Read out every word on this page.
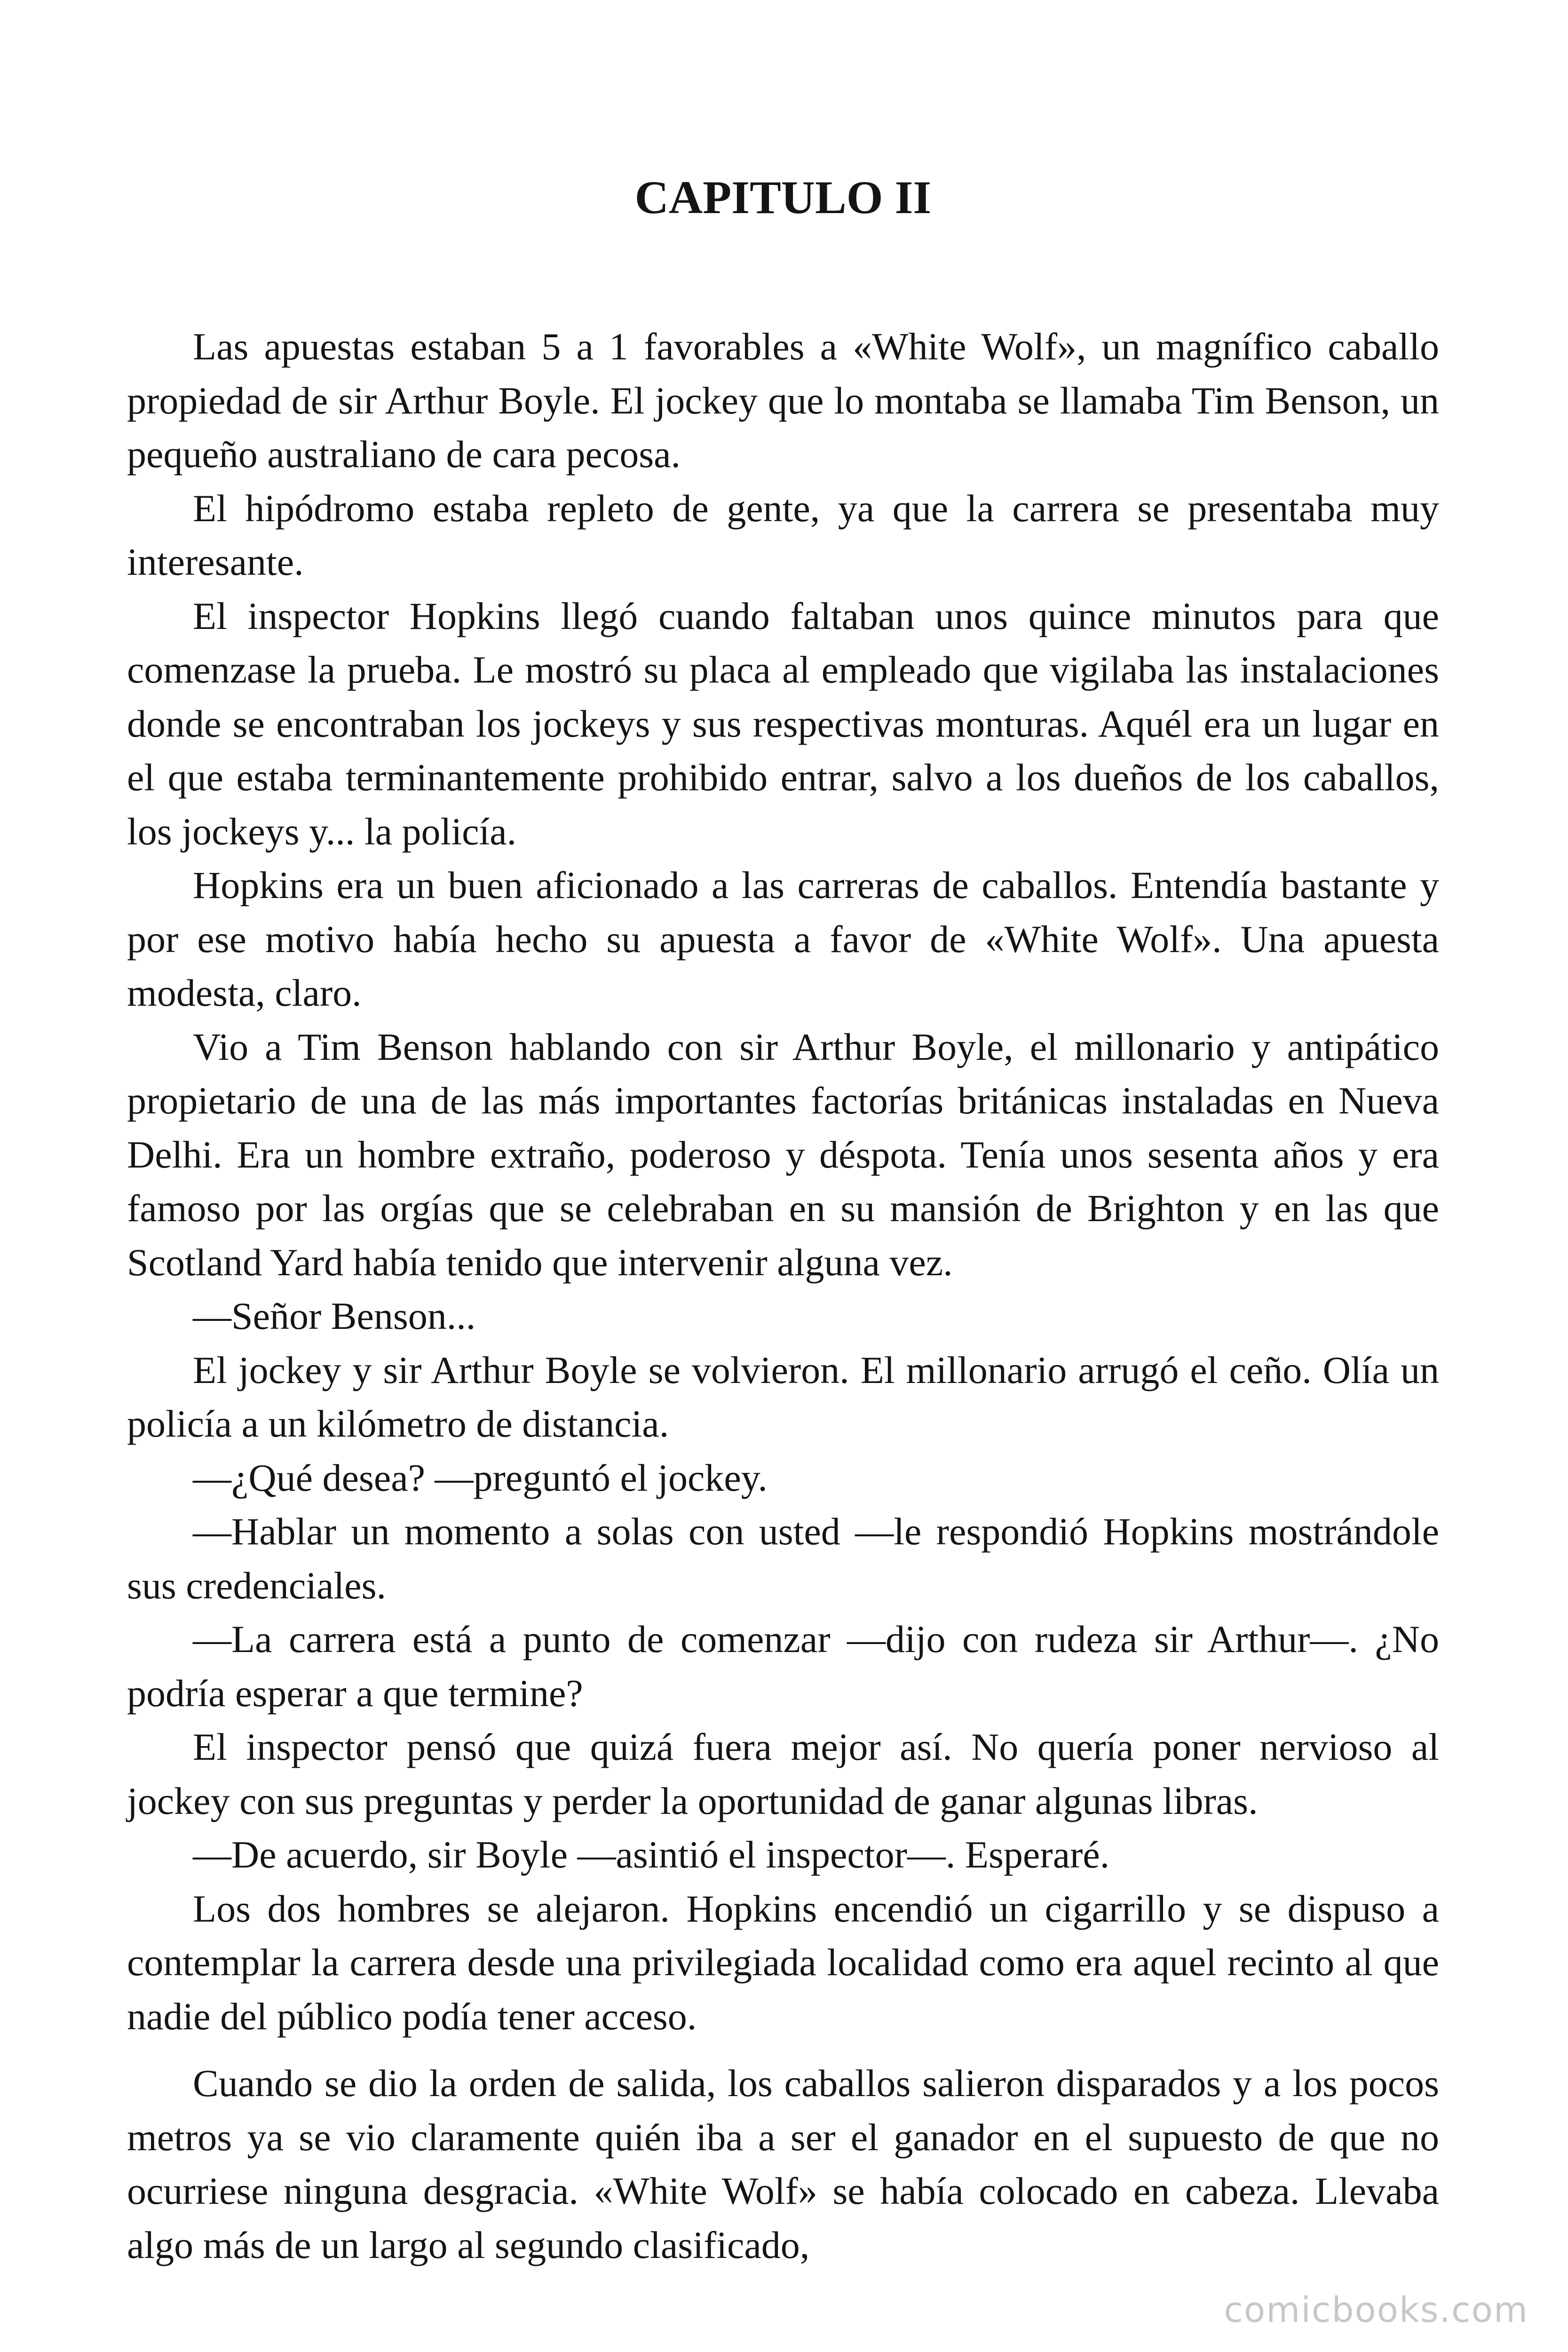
CAPITULO II

Las apuestas estaban 5 a 1 favorables a «White Wolf», un magnífico caballo propiedad de sir Arthur Boyle. El jockey que lo montaba se llamaba Tim Benson, un pequeño australiano de cara pecosa.

El hipódromo estaba repleto de gente, ya que la carrera se presentaba muy interesante.

El inspector Hopkins llegó cuando faltaban unos quince minutos para que comenzase la prueba. Le mostró su placa al empleado que vigilaba las instalaciones donde se encontraban los jockeys y sus respectivas monturas. Aquél era un lugar en el que estaba terminantemente prohibido entrar, salvo a los dueños de los caballos, los jockeys y... la policía.

Hopkins era un buen aficionado a las carreras de caballos. Entendía bastante y por ese motivo había hecho su apuesta a favor de «White Wolf». Una apuesta modesta, claro.

Vio a Tim Benson hablando con sir Arthur Boyle, el millonario y antipático propietario de una de las más importantes factorías británicas instaladas en Nueva Delhi. Era un hombre extraño, poderoso y déspota. Tenía unos sesenta años y era famoso por las orgías que se celebraban en su mansión de Brighton y en las que Scotland Yard había tenido que intervenir alguna vez.

—Señor Benson...

El jockey y sir Arthur Boyle se volvieron. El millonario arrugó el ceño. Olía un policía a un kilómetro de distancia.

—¿Qué desea? —preguntó el jockey.

—Hablar un momento a solas con usted —le respondió Hopkins mostrándole sus credenciales.

—La carrera está a punto de comenzar —dijo con rudeza sir Arthur—. ¿No podría esperar a que termine?

El inspector pensó que quizá fuera mejor así. No quería poner nervioso al jockey con sus preguntas y perder la oportunidad de ganar algunas libras.

—De acuerdo, sir Boyle —asintió el inspector—. Esperaré.

Los dos hombres se alejaron. Hopkins encendió un cigarrillo y se dispuso a contemplar la carrera desde una privilegiada localidad como era aquel recinto al que nadie del público podía tener acceso.

Cuando se dio la orden de salida, los caballos salieron disparados y a los pocos metros ya se vio claramente quién iba a ser el ganador en el supuesto de que no ocurriese ninguna desgracia. «White Wolf» se había colocado en cabeza. Llevaba algo más de un largo al segundo clasificado,

comicbooks.com
